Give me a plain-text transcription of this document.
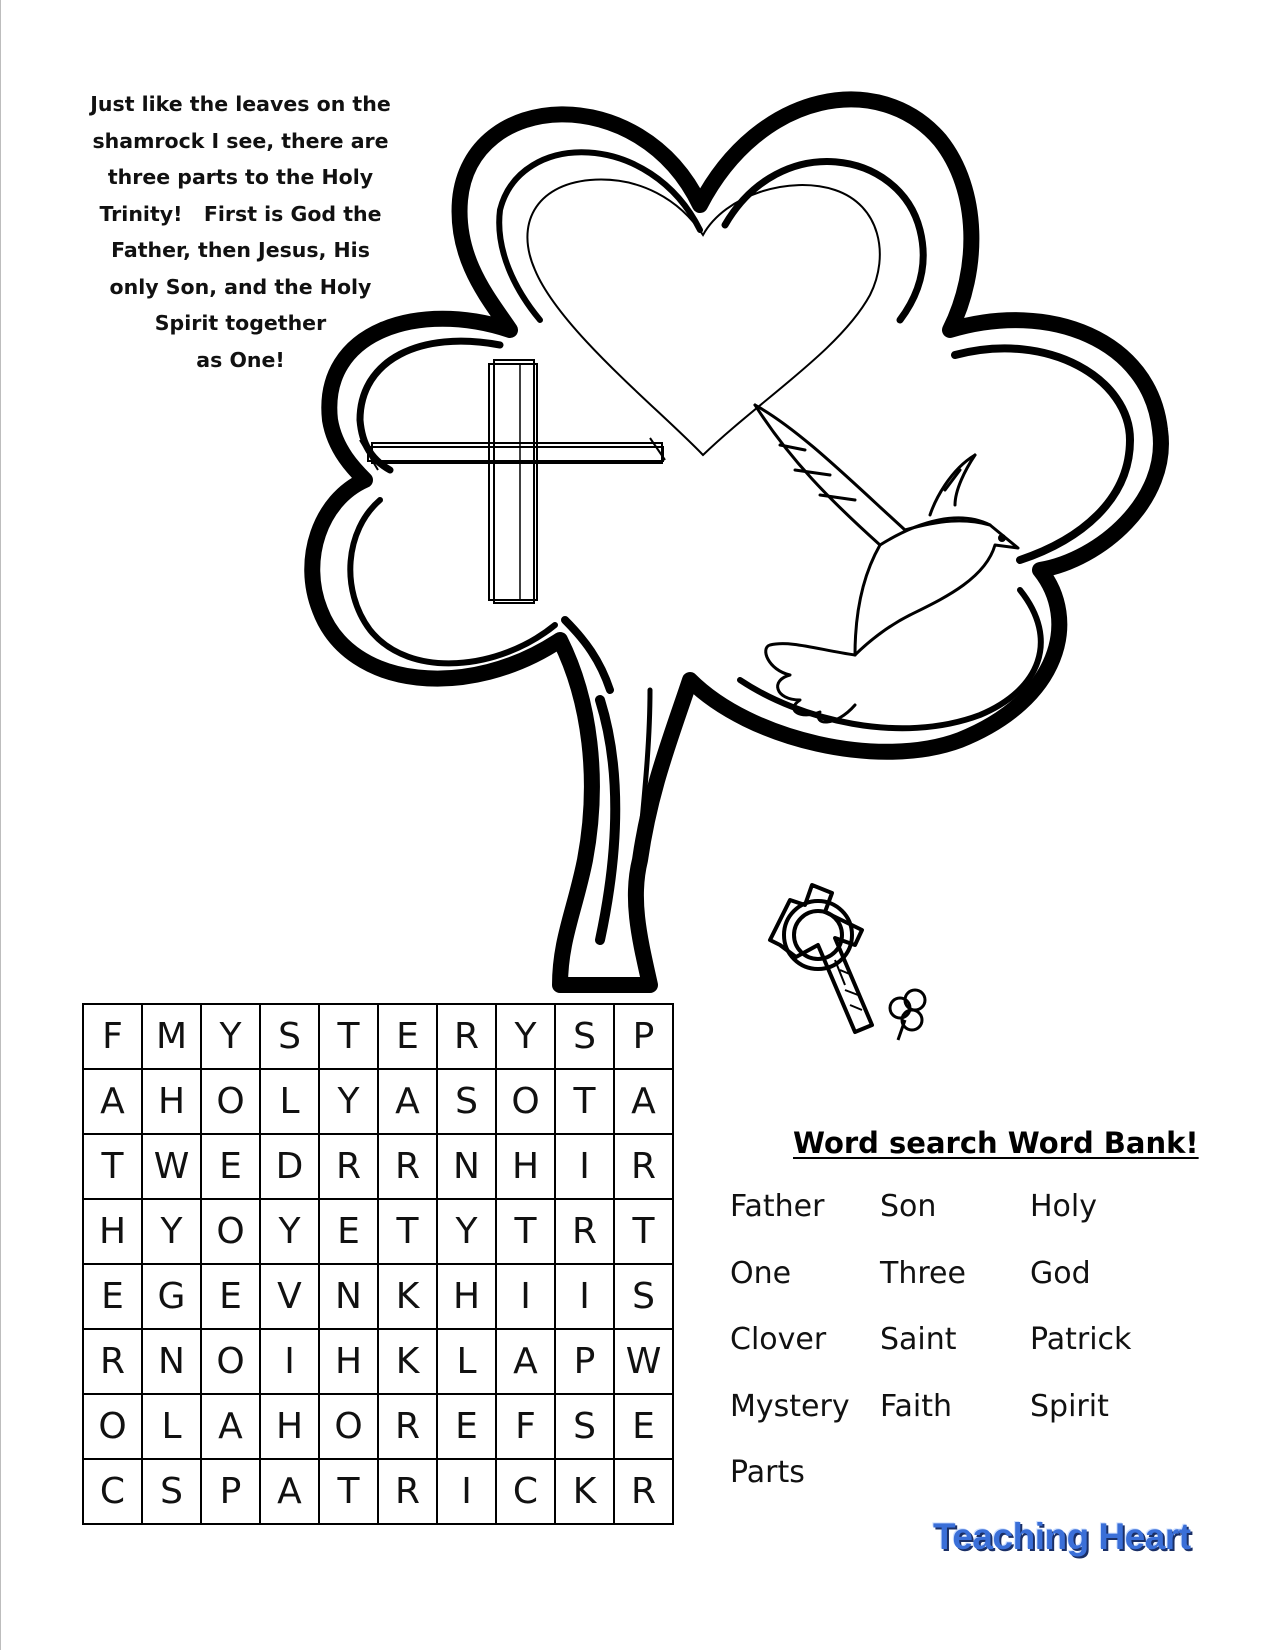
Just like the leaves on the
shamrock I see, there are
three parts to the Holy
Trinity!   First is God the
Father, then Jesus, His
only Son, and the Holy
Spirit together
as One!
F	M	Y	S	T	E	R	Y	S	P
A	H	O	L	Y	A	S	O	T	A
T	W	E	D	R	R	N	H	I	R
H	Y	O	Y	E	T	Y	T	R	T
E	G	E	V	N	K	H	I	I	S
R	N	O	I	H	K	L	A	P	W
O	L	A	H	O	R	E	F	S	E
C	S	P	A	T	R	I	C	K	R
Word search Word Bank!
Father	Son	Holy
One	Three	God
Clover	Saint	Patrick
Mystery	Faith	Spirit
Parts
Teaching Heart
